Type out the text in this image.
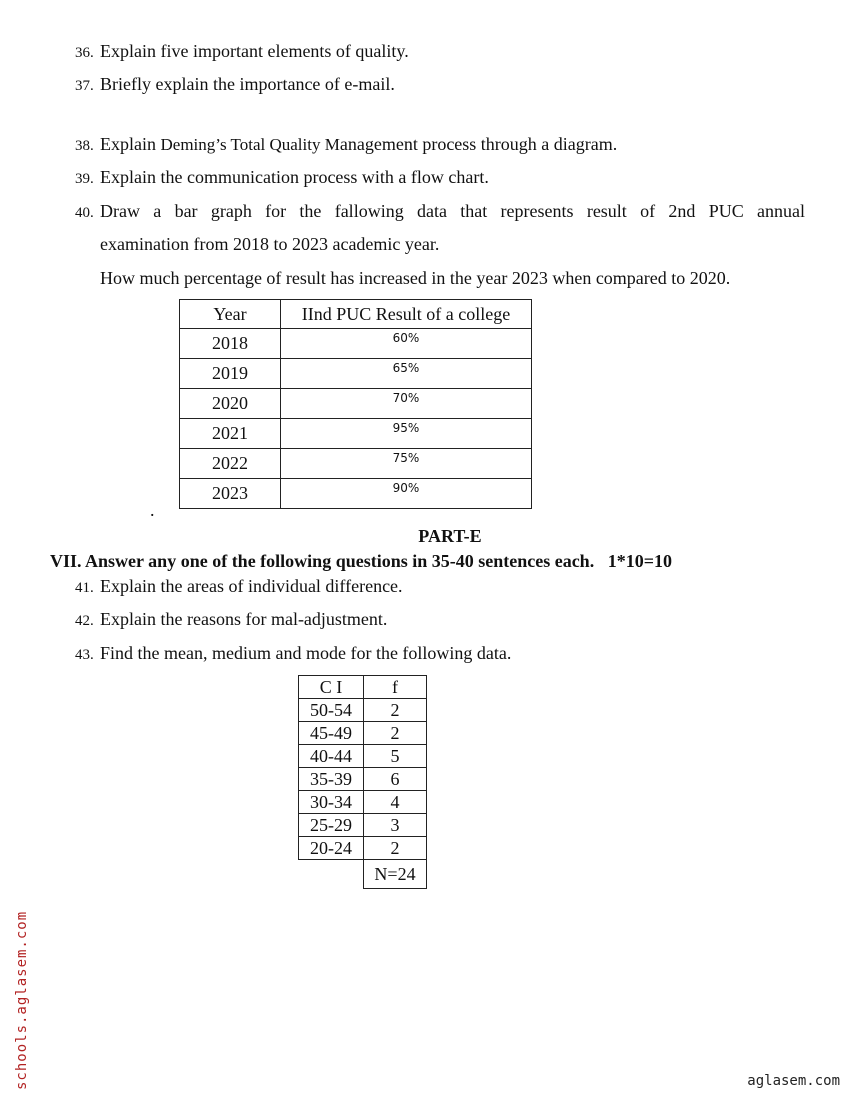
36. Explain five important elements of quality.
37. Briefly explain the importance of e-mail.
38. Explain Deming’s Total Quality Management process through a diagram.
39. Explain the communication process with a flow chart.
40. Draw a bar graph for the fallowing data that represents result of 2nd PUC annual
examination from 2018 to 2023 academic year.
How much percentage of result has increased in the year 2023 when compared to 2020.
Year	IInd PUC Result of a college
2018	60%
2019	65%
2020	70%
2021	95%
2022	75%
2023	90%
.
PART-E
VII. Answer any one of the following questions in 35-40 sentences each.   1*10=10
41. Explain the areas of individual difference.
42. Explain the reasons for mal-adjustment.
43. Find the mean, medium and mode for the following data.
C I	f
50-54	2
45-49	2
40-44	5
35-39	6
30-34	4
25-29	3
20-24	2
	N=24
schools.aglasem.com	aglasem.com
